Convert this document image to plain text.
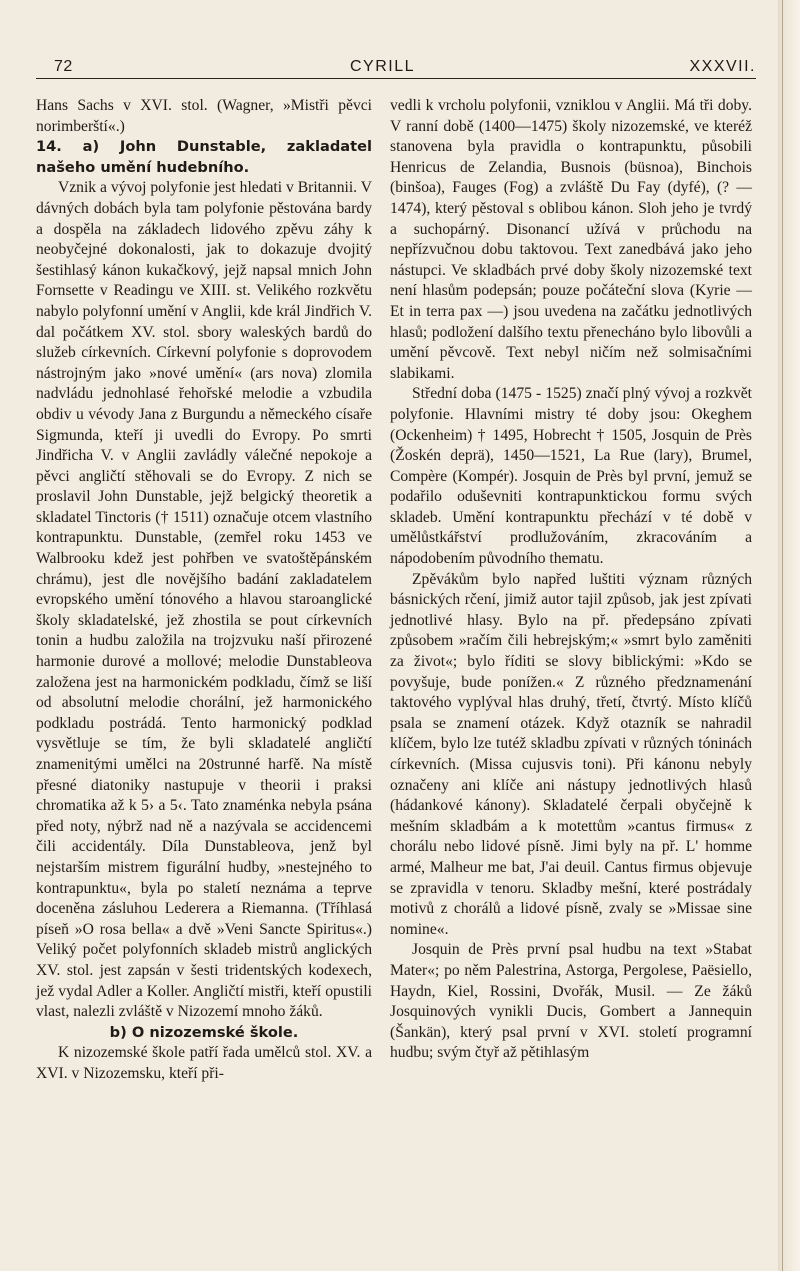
72	CYRILL	XXXVII.

Hans Sachs v XVI. stol. (Wagner, »Mistři pěvci norimberští«.)

14. a) John Dunstable, zakladatel našeho umění hudebního.

Vznik a vývoj polyfonie jest hledati v Britannii. V dávných dobách byla tam polyfonie pěstována bardy a dospěla na základech lidového zpěvu záhy k neobyčejné dokonalosti, jak to dokazuje dvojitý šestihlasý kánon kukačkový, jejž napsal mnich John Fornsette v Readingu ve XIII. st. Velikého rozkvětu nabylo polyfonní umění v Anglii, kde král Jindřich V. dal počátkem XV. stol. sbory waleských bardů do služeb církevních. Církevní polyfonie s doprovodem nástrojným jako »nové umění« (ars nova) zlomila nadvládu jednohlasé řehořské melodie a vzbudila obdiv u vévody Jana z Burgundu a německého císaře Sigmunda, kteří ji uvedli do Evropy. Po smrti Jindřicha V. v Anglii zavládly válečné nepokoje a pěvci angličtí stěhovali se do Evropy. Z nich se proslavil John Dunstable, jejž belgický theoretik a skladatel Tinctoris († 1511) označuje otcem vlastního kontrapunktu. Dunstable, (zemřel roku 1453 ve Walbrooku kdež jest pohřben ve svatoštěpánském chrámu), jest dle novějšího badání zakladatelem evropského umění tónového a hlavou staroanglické školy skladatelské, jež zhostila se pout církevních tonin a hudbu založila na trojzvuku naší přirozené harmonie durové a mollové; melodie Dunstableova založena jest na harmonickém podkladu, čímž se liší od absolutní melodie chorální, jež harmonického podkladu postrádá. Tento harmonický podklad vysvětluje se tím, že byli skladatelé angličtí znamenitými umělci na 20strunné harfě. Na místě přesné diatoniky nastupuje v theorii i praksi chromatika až k 5› a 5‹. Tato znaménka nebyla psána před noty, nýbrž nad ně a nazývala se accidencemi čili accidentály. Díla Dunstableova, jenž byl nejstarším mistrem figurální hudby, »nestejného to kontrapunktu«, byla po staletí neznáma a teprve doceněna zásluhou Lederera a Riemanna. (Tříhlasá píseň »O rosa bella« a dvě »Veni Sancte Spiritus«.) Veliký počet polyfonních skladeb mistrů anglických XV. stol. jest zapsán v šesti tridentských kodexech, jež vydal Adler a Koller. Angličtí mistři, kteří opustili vlast, nalezli zvláště v Nizozemí mnoho žáků.

b) O nizozemské škole.

K nizozemské škole patří řada umělců stol. XV. a XVI. v Nizozemsku, kteří při-

vedli k vrcholu polyfonii, vzniklou v Anglii. Má tři doby. V ranní době (1400—1475) školy nizozemské, ve kteréž stanovena byla pravidla o kontrapunktu, působili Henricus de Zelandia, Busnois (büsnoa), Binchois (binšoa), Fauges (Fog) a zvláště Du Fay (dyfé), (? —1474), který pěstoval s oblibou kánon. Sloh jeho je tvrdý a suchopárný. Disonancí užívá v průchodu na nepřízvučnou dobu taktovou. Text zanedbává jako jeho nástupci. Ve skladbách prvé doby školy nizozemské text není hlasům podepsán; pouze počáteční slova (Kyrie — Et in terra pax —) jsou uvedena na začátku jednotlivých hlasů; podložení dalšího textu přenecháno bylo libovůli a umění pěvcově. Text nebyl ničím než solmisačními slabikami.

Střední doba (1475 - 1525) značí plný vývoj a rozkvět polyfonie. Hlavními mistry té doby jsou: Okeghem (Ockenheim) † 1495, Hobrecht † 1505, Josquin de Près (Žoskén deprä), 1450—1521, La Rue (lary), Brumel, Compère (Kompér). Josquin de Près byl první, jemuž se podařilo oduševniti kontrapunktickou formu svých skladeb. Umění kontrapunktu přechází v té době v umělůstkářství prodlužováním, zkracováním a nápodobením původního thematu.

Zpěvákům bylo napřed luštiti význam různých básnických rčení, jimiž autor tajil způsob, jak jest zpívati jednotlivé hlasy. Bylo na př. předepsáno zpívati způsobem »račím čili hebrejským;« »smrt bylo zaměniti za život«; bylo říditi se slovy biblickými: »Kdo se povyšuje, bude ponížen.« Z různého předznamenání taktového vyplýval hlas druhý, třetí, čtvrtý. Místo klíčů psala se znamení otázek. Když otazník se nahradil klíčem, bylo lze tutéž skladbu zpívati v různých tóninách církevních. (Missa cujusvis toni). Při kánonu nebyly označeny ani klíče ani nástupy jednotlivých hlasů (hádankové kánony). Skladatelé čerpali obyčejně k mešním skladbám a k motettům »cantus firmus« z chorálu nebo lidové písně. Jimi byly na př. L' homme armé, Malheur me bat, J'ai deuil. Cantus firmus objevuje se zpravidla v tenoru. Skladby mešní, které postrádaly motivů z chorálů a lidové písně, zvaly se »Missae sine nomine«.

Josquin de Près první psal hudbu na text »Stabat Mater«; po něm Palestrina, Astorga, Pergolese, Paësiello, Haydn, Kiel, Rossini, Dvořák, Musil. — Ze žáků Josquinových vynikli Ducis, Gombert a Jannequin (Šankän), který psal první v XVI. století programní hudbu; svým čtyř až pětihlasým
